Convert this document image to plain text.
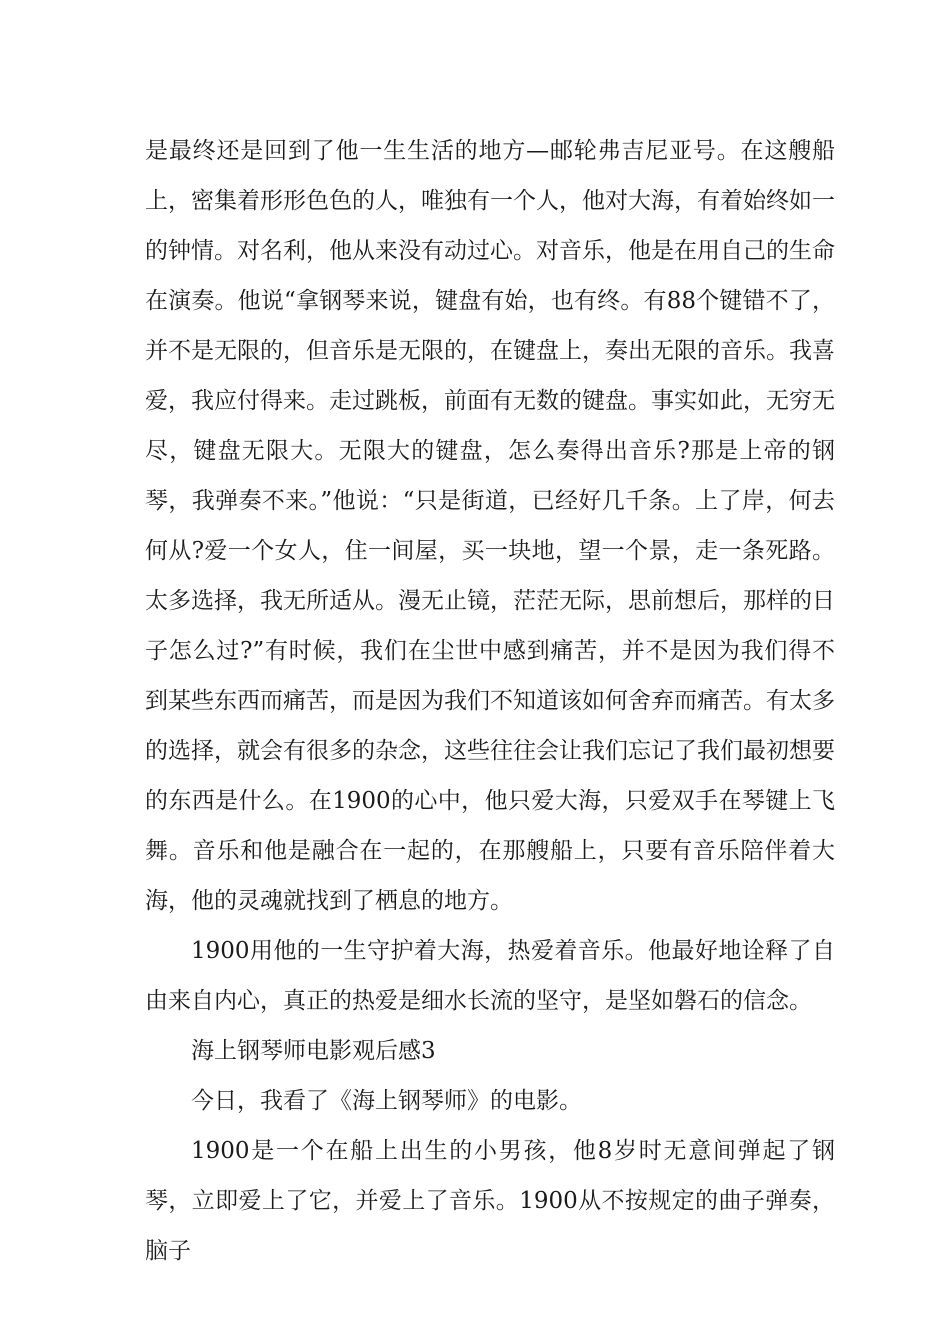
是最终还是回到了他一生生活的地方—邮轮弗吉尼亚号。在这艘船上，密集着形形色色的人，唯独有一个人，他对大海，有着始终如一的钟情。对名利，他从来没有动过心。对音乐，他是在用自己的生命在演奏。他说“拿钢琴来说，键盘有始，也有终。有88个键错不了，并不是无限的，但音乐是无限的，在键盘上，奏出无限的音乐。我喜爱，我应付得来。走过跳板，前面有无数的键盘。事实如此，无穷无尽，键盘无限大。无限大的键盘，怎么奏得出音乐?那是上帝的钢琴，我弹奏不来。”他说：“只是街道，已经好几千条。上了岸，何去何从?爱一个女人，住一间屋，买一块地，望一个景，走一条死路。太多选择，我无所适从。漫无止镜，茫茫无际，思前想后，那样的日子怎么过?”有时候，我们在尘世中感到痛苦，并不是因为我们得不到某些东西而痛苦，而是因为我们不知道该如何舍弃而痛苦。有太多的选择，就会有很多的杂念，这些往往会让我们忘记了我们最初想要的东西是什么。在1900的心中，他只爱大海，只爱双手在琴键上飞舞。音乐和他是融合在一起的，在那艘船上，只要有音乐陪伴着大海，他的灵魂就找到了栖息的地方。

1900用他的一生守护着大海，热爱着音乐。他最好地诠释了自由来自内心，真正的热爱是细水长流的坚守，是坚如磐石的信念。

海上钢琴师电影观后感3

今日，我看了《海上钢琴师》的电影。

1900是一个在船上出生的小男孩，他8岁时无意间弹起了钢琴，立即爱上了它，并爱上了音乐。1900从不按规定的曲子弹奏，脑子
